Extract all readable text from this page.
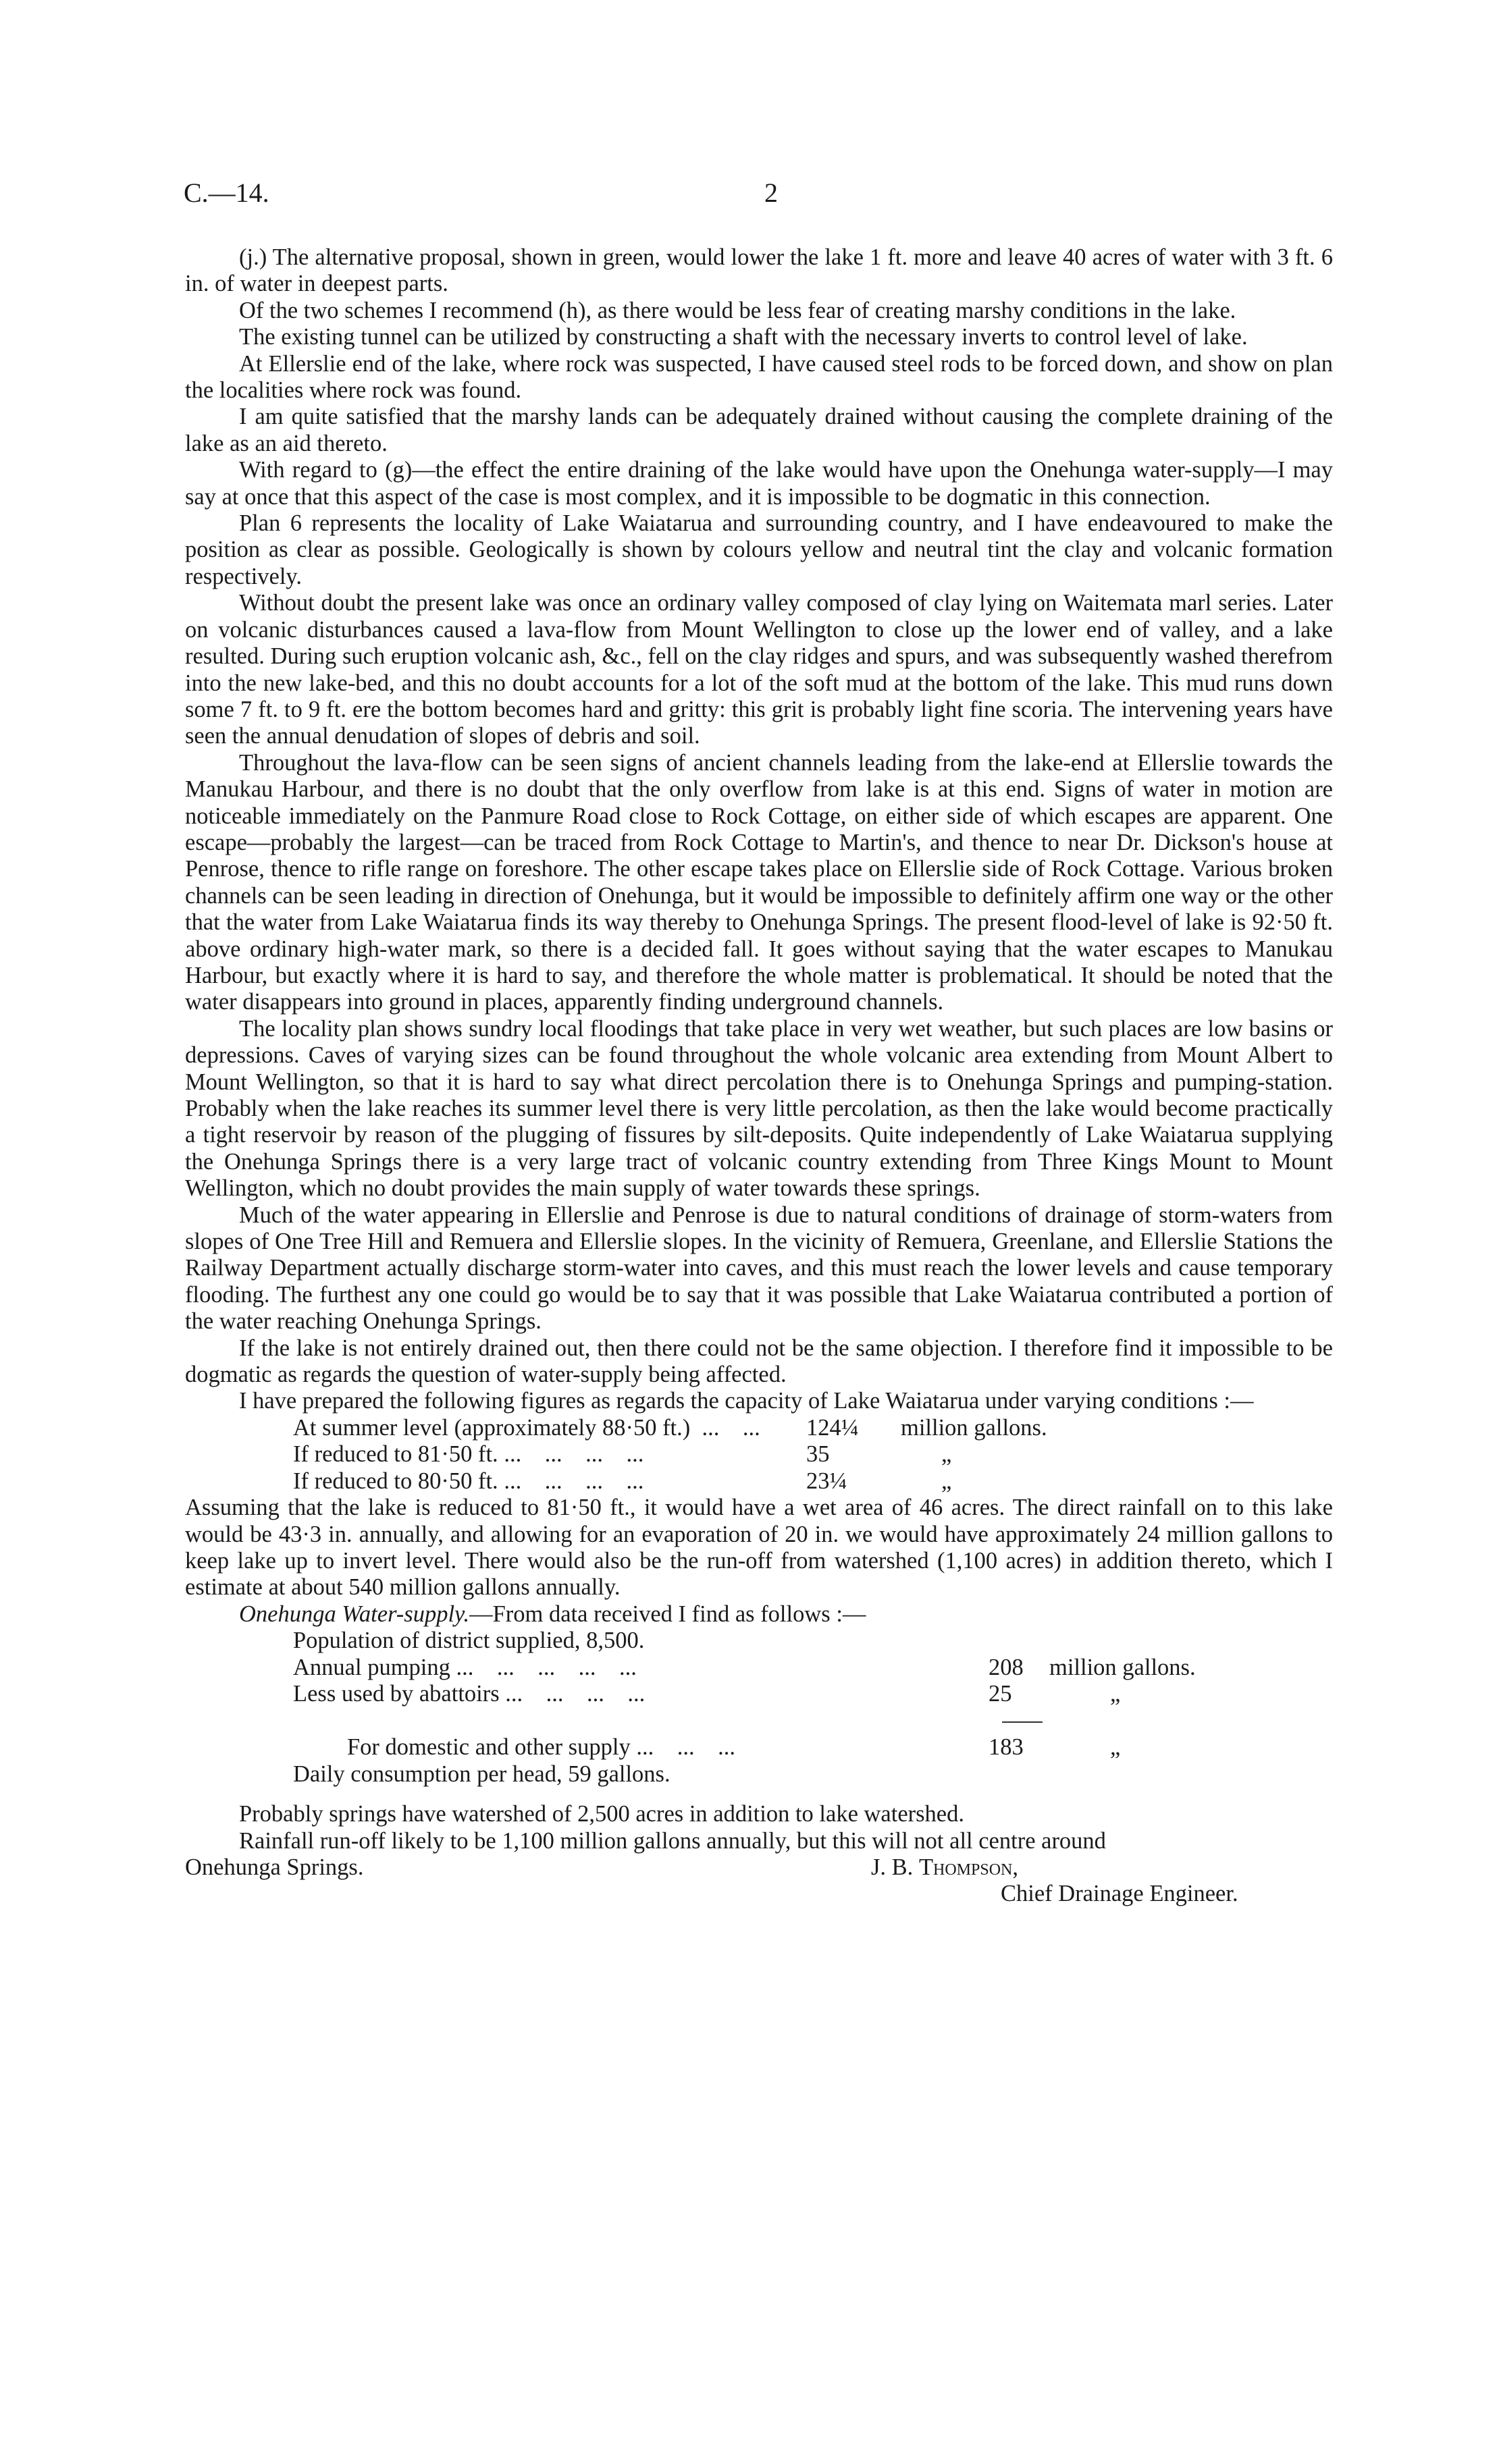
C.—14.	2

(j.) The alternative proposal, shown in green, would lower the lake 1 ft. more and leave 40 acres of water with 3 ft. 6 in. of water in deepest parts.

Of the two schemes I recommend (h), as there would be less fear of creating marshy conditions in the lake.

The existing tunnel can be utilized by constructing a shaft with the necessary inverts to control level of lake.

At Ellerslie end of the lake, where rock was suspected, I have caused steel rods to be forced down, and show on plan the localities where rock was found.

I am quite satisfied that the marshy lands can be adequately drained without causing the complete draining of the lake as an aid thereto.

With regard to (g)—the effect the entire draining of the lake would have upon the Onehunga water-supply—I may say at once that this aspect of the case is most complex, and it is impossible to be dogmatic in this connection.

Plan 6 represents the locality of Lake Waiatarua and surrounding country, and I have endeavoured to make the position as clear as possible. Geologically is shown by colours yellow and neutral tint the clay and volcanic formation respectively.

Without doubt the present lake was once an ordinary valley composed of clay lying on Waitemata marl series. Later on volcanic disturbances caused a lava-flow from Mount Wellington to close up the lower end of valley, and a lake resulted. During such eruption volcanic ash, &c., fell on the clay ridges and spurs, and was subsequently washed therefrom into the new lake-bed, and this no doubt accounts for a lot of the soft mud at the bottom of the lake. This mud runs down some 7 ft. to 9 ft. ere the bottom becomes hard and gritty: this grit is probably light fine scoria. The intervening years have seen the annual denudation of slopes of debris and soil.

Throughout the lava-flow can be seen signs of ancient channels leading from the lake-end at Ellerslie towards the Manukau Harbour, and there is no doubt that the only overflow from lake is at this end. Signs of water in motion are noticeable immediately on the Panmure Road close to Rock Cottage, on either side of which escapes are apparent. One escape—probably the largest—can be traced from Rock Cottage to Martin's, and thence to near Dr. Dickson's house at Penrose, thence to rifle range on foreshore. The other escape takes place on Ellerslie side of Rock Cottage. Various broken channels can be seen leading in direction of Onehunga, but it would be impossible to definitely affirm one way or the other that the water from Lake Waiatarua finds its way thereby to Onehunga Springs. The present flood-level of lake is 92·50 ft. above ordinary high-water mark, so there is a decided fall. It goes without saying that the water escapes to Manukau Harbour, but exactly where it is hard to say, and therefore the whole matter is problematical. It should be noted that the water disappears into ground in places, apparently finding underground channels.

The locality plan shows sundry local floodings that take place in very wet weather, but such places are low basins or depressions. Caves of varying sizes can be found throughout the whole volcanic area extending from Mount Albert to Mount Wellington, so that it is hard to say what direct percolation there is to Onehunga Springs and pumping-station. Probably when the lake reaches its summer level there is very little percolation, as then the lake would become practically a tight reservoir by reason of the plugging of fissures by silt-deposits. Quite independently of Lake Waiatarua supplying the Onehunga Springs there is a very large tract of volcanic country extending from Three Kings Mount to Mount Wellington, which no doubt provides the main supply of water towards these springs.

Much of the water appearing in Ellerslie and Penrose is due to natural conditions of drainage of storm-waters from slopes of One Tree Hill and Remuera and Ellerslie slopes. In the vicinity of Remuera, Greenlane, and Ellerslie Stations the Railway Department actually discharge storm-water into caves, and this must reach the lower levels and cause temporary flooding. The furthest any one could go would be to say that it was possible that Lake Waiatarua contributed a portion of the water reaching Onehunga Springs.

If the lake is not entirely drained out, then there could not be the same objection. I therefore find it impossible to be dogmatic as regards the question of water-supply being affected.

I have prepared the following figures as regards the capacity of Lake Waiatarua under varying conditions :—

At summer level (approximately 88·50 ft.)  ...    ...	124¼	million gallons.
If reduced to 81·50 ft. ...    ...    ...    ...	35	„
If reduced to 80·50 ft. ...    ...    ...    ...	23¼	„

Assuming that the lake is reduced to 81·50 ft., it would have a wet area of 46 acres. The direct rainfall on to this lake would be 43·3 in. annually, and allowing for an evaporation of 20 in. we would have approximately 24 million gallons to keep lake up to invert level. There would also be the run-off from watershed (1,100 acres) in addition thereto, which I estimate at about 540 million gallons annually.

Onehunga Water-supply.—From data received I find as follows :—

Population of district supplied, 8,500.
Annual pumping ...    ...    ...    ...    ...	208	million gallons.
Less used by abattoirs ...    ...    ...    ...	25	„
For domestic and other supply ...    ...    ...	183	„
Daily consumption per head, 59 gallons.

Probably springs have watershed of 2,500 acres in addition to lake watershed.

Rainfall run-off likely to be 1,100 million gallons annually, but this will not all centre around

Onehunga Springs.	J. B. Thompson,
Chief Drainage Engineer.
